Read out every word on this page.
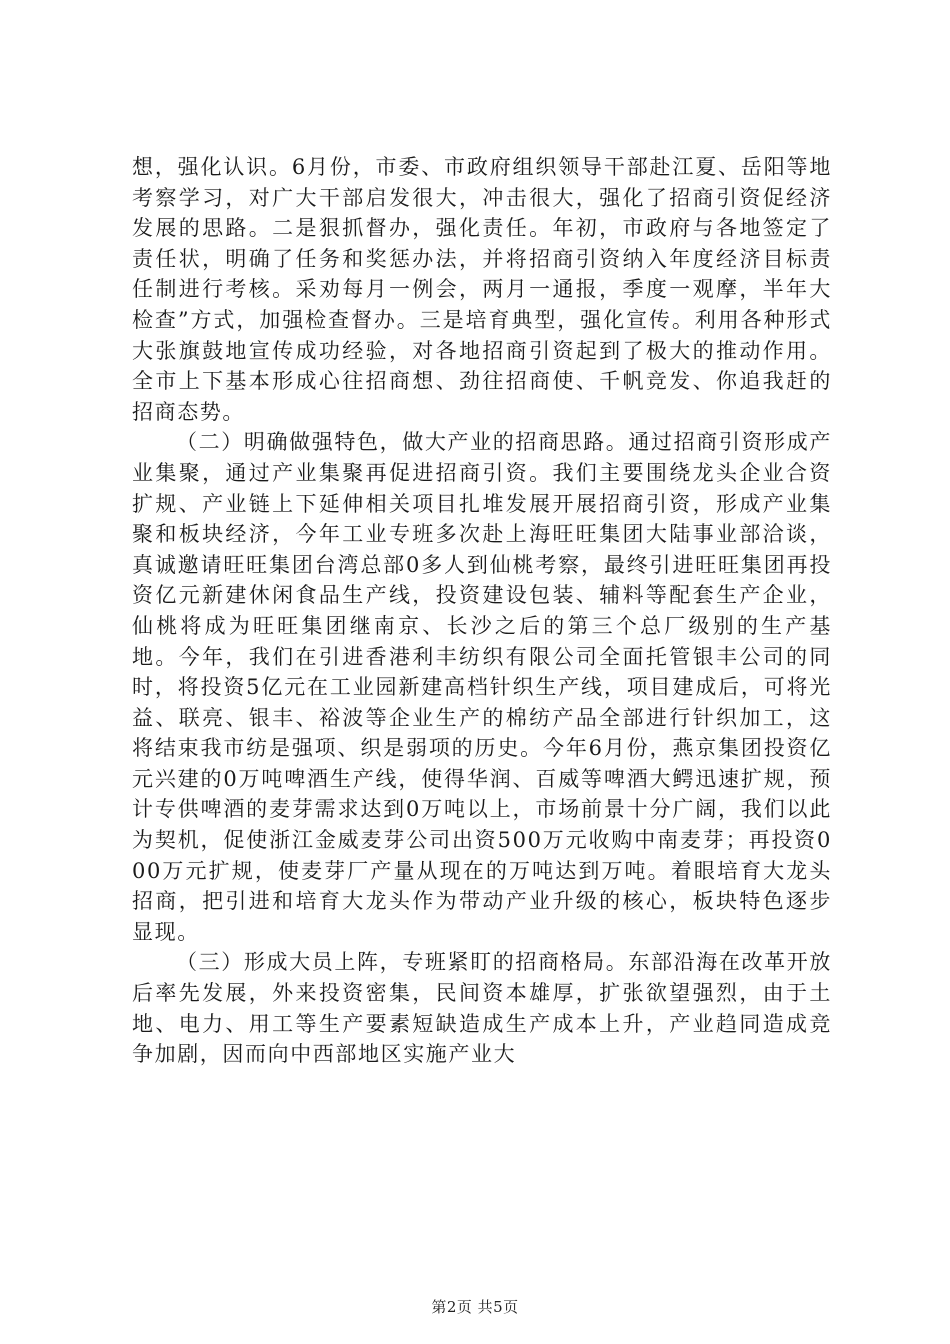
想，强化认识。6月份，市委、市政府组织领导干部赴江夏、岳阳等地考察学习，对广大干部启发很大，冲击很大，强化了招商引资促经济发展的思路。二是狠抓督办，强化责任。年初，市政府与各地签定了责任状，明确了任务和奖惩办法，并将招商引资纳入年度经济目标责任制进行考核。采劝每月一例会，两月一通报，季度一观摩，半年大检查”方式，加强检查督办。三是培育典型，强化宣传。利用各种形式大张旗鼓地宣传成功经验，对各地招商引资起到了极大的推动作用。全市上下基本形成心往招商想、劲往招商使、千帆竞发、你追我赶的招商态势。

（二）明确做强特色，做大产业的招商思路。通过招商引资形成产业集聚，通过产业集聚再促进招商引资。我们主要围绕龙头企业合资扩规、产业链上下延伸相关项目扎堆发展开展招商引资，形成产业集聚和板块经济，今年工业专班多次赴上海旺旺集团大陆事业部洽谈，真诚邀请旺旺集团台湾总部0多人到仙桃考察，最终引进旺旺集团再投资亿元新建休闲食品生产线，投资建设包装、辅料等配套生产企业，仙桃将成为旺旺集团继南京、长沙之后的第三个总厂级别的生产基地。今年，我们在引进香港利丰纺织有限公司全面托管银丰公司的同时，将投资5亿元在工业园新建高档针织生产线，项目建成后，可将光益、联亮、银丰、裕波等企业生产的棉纺产品全部进行针织加工，这将结束我市纺是强项、织是弱项的历史。今年6月份，燕京集团投资亿元兴建的0万吨啤酒生产线，使得华润、百威等啤酒大鳄迅速扩规，预计专供啤酒的麦芽需求达到0万吨以上，市场前景十分广阔，我们以此为契机，促使浙江金威麦芽公司出资500万元收购中南麦芽；再投资000万元扩规，使麦芽厂产量从现在的万吨达到万吨。着眼培育大龙头招商，把引进和培育大龙头作为带动产业升级的核心，板块特色逐步显现。

（三）形成大员上阵，专班紧盯的招商格局。东部沿海在改革开放后率先发展，外来投资密集，民间资本雄厚，扩张欲望强烈，由于土地、电力、用工等生产要素短缺造成生产成本上升，产业趋同造成竞争加剧，因而向中西部地区实施产业大

第2页 共5页
